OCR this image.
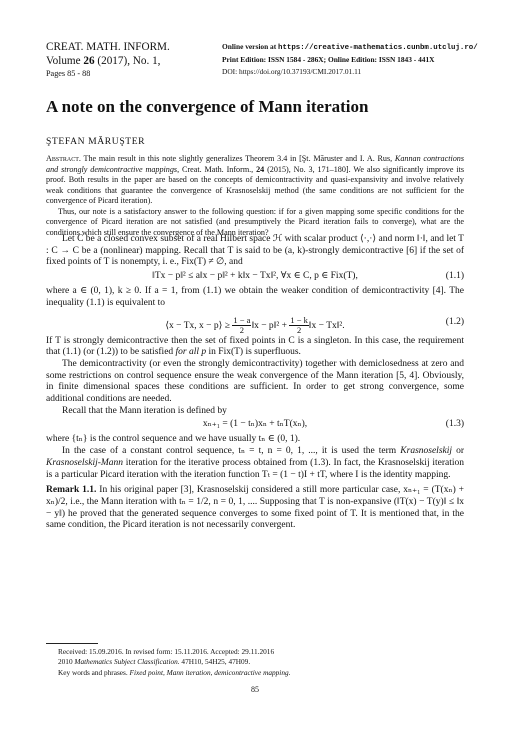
CREAT. MATH. INFORM.
Volume 26 (2017), No. 1,
Pages 85 - 88
Online version at https://creative-mathematics.cunbm.utcluj.ro/
Print Edition: ISSN 1584 - 286X; Online Edition: ISSN 1843 - 441X
DOI: https://doi.org/10.37193/CMI.2017.01.11
A note on the convergence of Mann iteration
ŞTEFAN MĂRUŞTER

Abstract. The main result in this note slightly generalizes Theorem 3.4 in [Şt. Măruster and I. A. Rus, Kannan contractions and strongly demicontractive mappings, Creat. Math. Inform., 24 (2015), No. 3, 171–180]. We also significantly improve its proof. Both results in the paper are based on the concepts of demicontractivity and quasi-expansivity and involve relatively weak conditions that guarantee the convergence of Krasnoselskij method (the same conditions are not sufficient for the convergence of Picard iteration).

Thus, our note is a satisfactory answer to the following question: if for a given mapping some specific conditions for the convergence of Picard iteration are not satisfied (and presumptively the Picard iteration fails to converge), what are the conditions which still ensure the convergence of the Mann iteration?

Let C be a closed convex subset of a real Hilbert space ℋ with scalar product ⟨·,·⟩ and norm ‖·‖, and let T : C → C be a (nonlinear) mapping. Recall that T is said to be (a, k)-strongly demicontractive [6] if the set of fixed points of T is nonempty, i. e., Fix(T) ≠ ∅, and

‖Tx − p‖² ≤ a‖x − p‖² + k‖x − Tx‖², ∀x ∈ C, p ∈ Fix(T),	(1.1)

where a ∈ (0, 1), k ≥ 0. If a = 1, from (1.1) we obtain the weaker condition of demicontractivity [4]. The inequality (1.1) is equivalent to

⟨x − Tx, x − p⟩ ≥ $\frac{1 - a}{2}$ ‖x − p‖² + $\frac{1 - k}{2}$ ‖x − Tx‖².	(1.2)

If T is strongly demicontractive then the set of fixed points in C is a singleton. In this case, the requirement that (1.1) (or (1.2)) to be satisfied for all p in Fix(T) is superfluous.

The demicontractivity (or even the strongly demicontractivity) together with demiclosedness at zero and some restrictions on control sequence ensure the weak convergence of the Mann iteration [5, 4]. Obviously, in finite dimensional spaces these conditions are sufficient. In order to get strong convergence, some additional conditions are needed.

Recall that the Mann iteration is defined by

xₙ₊₁ = (1 − tₙ)xₙ + tₙT(xₙ),	(1.3)

where {tₙ} is the control sequence and we have usually tₙ ∈ (0, 1).

In the case of a constant control sequence, tₙ = t, n = 0, 1, ..., it is used the term Krasnoselskij or Krasnoselskij-Mann iteration for the iterative process obtained from (1.3). In fact, the Krasnoselskij iteration is a particular Picard iteration with the iteration function Tₜ = (1 − t)I + tT, where I is the identity mapping.

Remark 1.1. In his original paper [3], Krasnoselskij considered a still more particular case, xₙ₊₁ = (T(xₙ) + xₙ)/2, i.e., the Mann iteration with tₙ = 1/2, n = 0, 1, .... Supposing that T is non-expansive (‖T(x) − T(y)‖ ≤ ‖x − y‖) he proved that the generated sequence converges to some fixed point of T. It is mentioned that, in the same condition, the Picard iteration is not necessarily convergent.

Received: 15.09.2016. In revised form: 15.11.2016. Accepted: 29.11.2016
2010 Mathematics Subject Classification. 47H10, 54H25, 47H09.
Key words and phrases. Fixed point, Mann iteration, demicontractive mapping.
85
